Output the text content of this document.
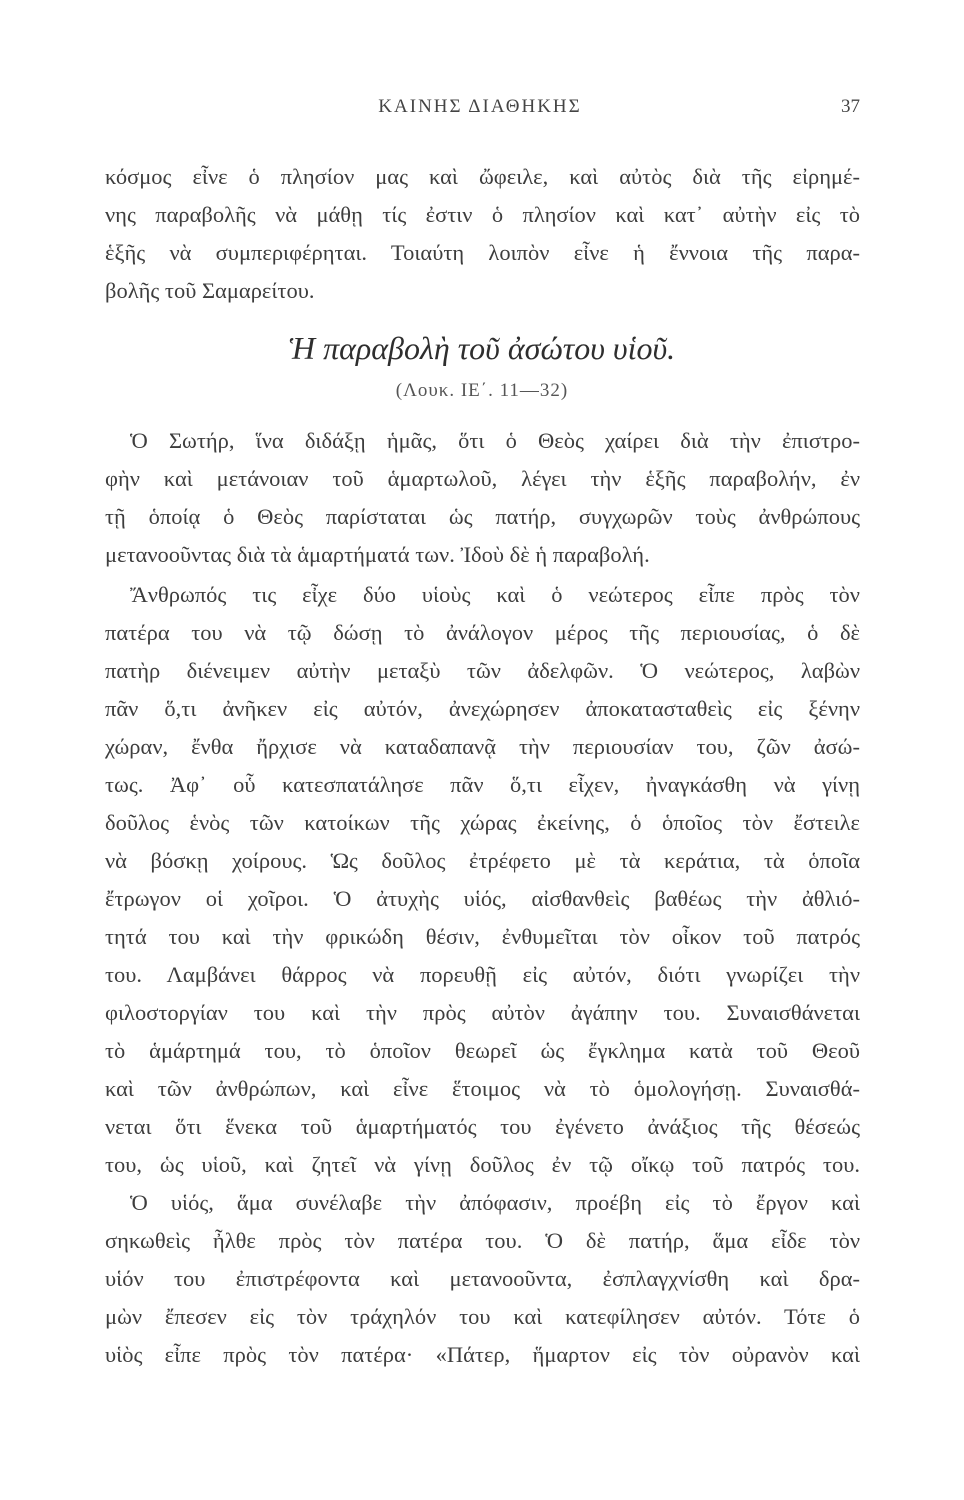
ΚΑΙΝΗΣ ΔΙΑΘΗΚΗΣ	37
κόσμος εἶνε ὁ πλησίον μας καὶ ὤφειλε, καὶ αὐτὸς διὰ τῆς εἰρημέ-
νης παραβολῆς νὰ μάθῃ τίς ἐστιν ὁ πλησίον καὶ κατ᾽ αὐτὴν εἰς τὸ
ἑξῆς νὰ συμπεριφέρηται. Τοιαύτη λοιπὸν εἶνε ἡ ἔννοια τῆς παρα-
βολῆς τοῦ Σαμαρείτου.
Ἡ παραβολὴ τοῦ ἀσώτου υἱοῦ.
(Λουκ. ΙΕ΄. 11—32)
Ὁ Σωτήρ, ἵνα διδάξῃ ἡμᾶς, ὅτι ὁ Θεὸς χαίρει διὰ τὴν ἐπιστρο-
φὴν καὶ μετάνοιαν τοῦ ἁμαρτωλοῦ, λέγει τὴν ἑξῆς παραβολήν, ἐν
τῇ ὁποίᾳ ὁ Θεὸς παρίσταται ὡς πατήρ, συγχωρῶν τοὺς ἀνθρώπους
μετανοοῦντας διὰ τὰ ἁμαρτήματά των. Ἰδοὺ δὲ ἡ παραβολή.
Ἄνθρωπός τις εἶχε δύο υἱοὺς καὶ ὁ νεώτερος εἶπε πρὸς τὸν
πατέρα του νὰ τῷ δώσῃ τὸ ἀνάλογον μέρος τῆς περιουσίας, ὁ δὲ
πατὴρ διένειμεν αὐτὴν μεταξὺ τῶν ἀδελφῶν. Ὁ νεώτερος, λαβὼν
πᾶν ὅ,τι ἀνῆκεν εἰς αὐτόν, ἀνεχώρησεν ἀποκατασταθεὶς εἰς ξένην
χώραν, ἔνθα ἤρχισε νὰ καταδαπανᾷ τὴν περιουσίαν του, ζῶν ἀσώ-
τως. Ἀφ᾽ οὗ κατεσπατάλησε πᾶν ὅ,τι εἶχεν, ἠναγκάσθη νὰ γίνῃ
δοῦλος ἑνὸς τῶν κατοίκων τῆς χώρας ἐκείνης, ὁ ὁποῖος τὸν ἔστειλε
νὰ βόσκῃ χοίρους. Ὡς δοῦλος ἐτρέφετο μὲ τὰ κεράτια, τὰ ὁποῖα
ἔτρωγον οἱ χοῖροι. Ὁ ἀτυχὴς υἱός, αἰσθανθεὶς βαθέως τὴν ἀθλιό-
τητά του καὶ τὴν φρικώδη θέσιν, ἐνθυμεῖται τὸν οἶκον τοῦ πατρός
του. Λαμβάνει θάρρος νὰ πορευθῇ εἰς αὐτόν, διότι γνωρίζει τὴν
φιλοστοργίαν του καὶ τὴν πρὸς αὐτὸν ἀγάπην του. Συναισθάνεται
τὸ ἁμάρτημά του, τὸ ὁποῖον θεωρεῖ ὡς ἔγκλημα κατὰ τοῦ Θεοῦ
καὶ τῶν ἀνθρώπων, καὶ εἶνε ἕτοιμος νὰ τὸ ὁμολογήσῃ. Συναισθά-
νεται ὅτι ἕνεκα τοῦ ἁμαρτήματός του ἐγένετο ἀνάξιος τῆς θέσεώς
του, ὡς υἱοῦ, καὶ ζητεῖ νὰ γίνῃ δοῦλος ἐν τῷ οἴκῳ τοῦ πατρός του.
Ὁ υἱός, ἅμα συνέλαβε τὴν ἀπόφασιν, προέβη εἰς τὸ ἔργον καὶ
σηκωθεὶς ἦλθε πρὸς τὸν πατέρα του. Ὁ δὲ πατήρ, ἅμα εἶδε τὸν
υἱόν του ἐπιστρέφοντα καὶ μετανοοῦντα, ἐσπλαγχνίσθη καὶ δρα-
μὼν ἔπεσεν εἰς τὸν τράχηλόν του καὶ κατεφίλησεν αὐτόν. Τότε ὁ
υἱὸς εἶπε πρὸς τὸν πατέρα· «Πάτερ, ἥμαρτον εἰς τὸν οὐρανὸν καὶ
